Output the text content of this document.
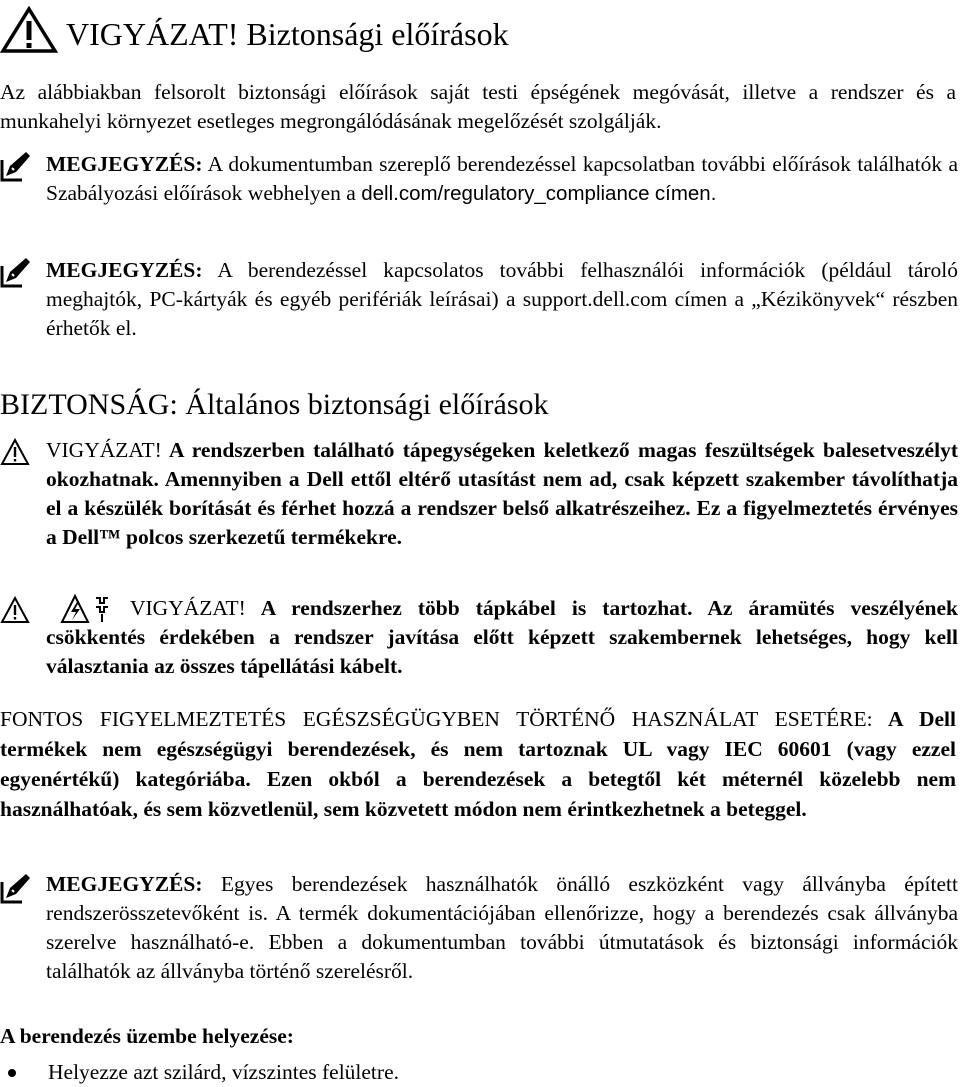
VIGYÁZAT! Biztonsági előírások
Az alábbiakban felsorolt biztonsági előírások saját testi épségének megóvását, illetve a rendszer és a munkahelyi környezet esetleges megrongálódásának megelőzését szolgálják.
MEGJEGYZÉS: A dokumentumban szereplő berendezéssel kapcsolatban további előírások találhatók a Szabályozási előírások webhelyen a dell.com/regulatory_compliance címen.
MEGJEGYZÉS: A berendezéssel kapcsolatos további felhasználói információk (például tároló meghajtók, PC-kártyák és egyéb perifériák leírásai) a support.dell.com címen a „Kézikönyvek“ részben érhetők el.
BIZTONSÁG: Általános biztonsági előírások
VIGYÁZAT! A rendszerben található tápegységeken keletkező magas feszültségek balesetveszélyt okozhatnak. Amennyiben a Dell ettől eltérő utasítást nem ad, csak képzett szakember távolíthatja el a készülék borítását és férhet hozzá a rendszer belső alkatrészeihez. Ez a figyelmeztetés érvényes a Dell™ polcos szerkezetű termékekre.
VIGYÁZAT! A rendszerhez több tápkábel is tartozhat. Az áramütés veszélyének csökkentés érdekében a rendszer javítása előtt képzett szakembernek lehetséges, hogy kell választania az összes tápellátási kábelt.
FONTOS FIGYELMEZTETÉS EGÉSZSÉGÜGYBEN TÖRTÉNŐ HASZNÁLAT ESETÉRE: A Dell termékek nem egészségügyi berendezések, és nem tartoznak UL vagy IEC 60601 (vagy ezzel egyenértékű) kategóriába. Ezen okból a berendezések a betegtől két méternél közelebb nem használhatóak, és sem közvetlenül, sem közvetett módon nem érintkezhetnek a beteggel.
MEGJEGYZÉS: Egyes berendezések használhatók önálló eszközként vagy állványba épített rendszerösszetevőként is. A termék dokumentációjában ellenőrizze, hogy a berendezés csak állványba szerelve használható-e. Ebben a dokumentumban további útmutatások és biztonsági információk találhatók az állványba történő szerelésről.
A berendezés üzembe helyezése:
Helyezze azt szilárd, vízszintes felületre.
